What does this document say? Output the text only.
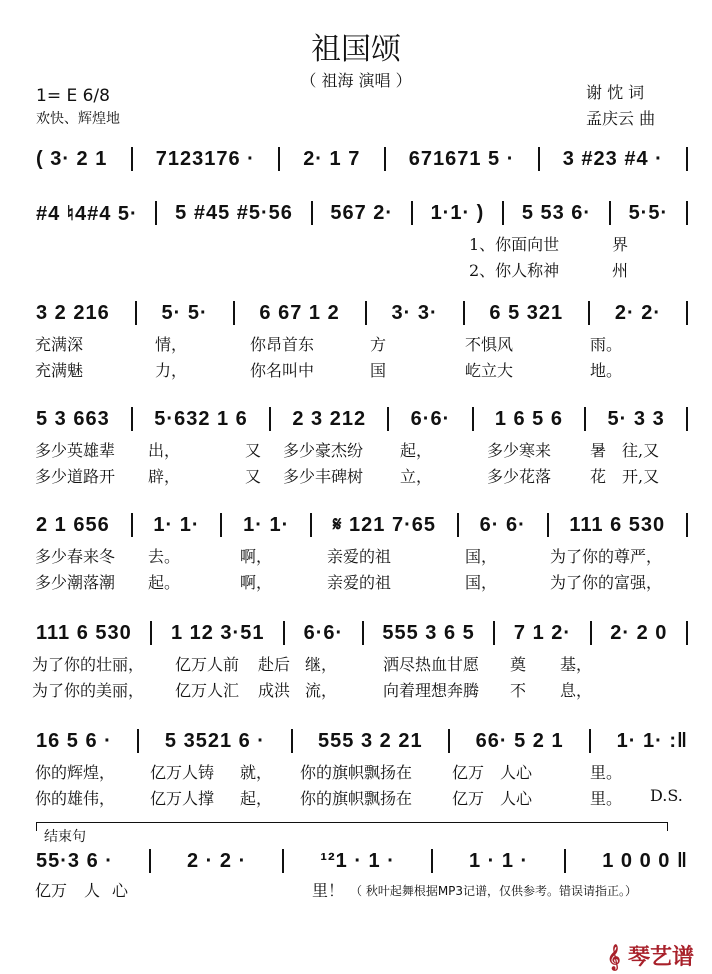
祖国颂
（ 祖海 演唱 ）
1= E 6/8
欢快、辉煌地
谢 忱 词
孟庆云 曲
( 3· 2 1 7123176 · 2· 1 7 671671 5 · 3 #23 #4 ·
#4 ♮4#4 5· 5 #45 #5·56 567 2· 1·1· ) 5 53 6· 5·5·
1、你面向世	界
2、你人称神	州
3 2 216	5· 5·	6 67 1 2	3· 3·	6 5 321	2· 2·
充满深	情，	你昂首东	方	不惧风	雨。
充满魅	力，	你名叫中	国	屹立大	地。
5 3 663 5·632 1 6 2 3 212 6·6· 1 6 5 6 5· 3 3
多少英雄辈 出，	又 多少豪杰纷 起，	多少寒来 暑 往,又
多少道路开 辟，	又 多少丰碑树 立，	多少花落 花 开,又
2 1 656 1· 1· 1· 1· 𝄋 121 7·65 6· 6· 111 6 530
多少春来冬 去。	啊，	亲爱的祖	国，	为了你的尊严，
多少潮落潮 起。	啊，	亲爱的祖	国，	为了你的富强，
111 6 530 1 12 3·51 6·6· 555 3 6 5 7 1 2· 2· 2 0
为了你的壮丽， 亿万人前 赴后 继，	洒尽热血甘愿 奠 基，
为了你的美丽， 亿万人汇 成洪 流，	向着理想奔腾 不 息，
16 5 6 ·	5 3521 6 ·	555 3 2 21	66· 5 2 1	1· 1· :‖
你的辉煌， 亿万人铸 就， 你的旗帜飘扬在 亿万 人心	里。
你的雄伟， 亿万人撑 起， 你的旗帜飘扬在 亿万 人心	里。 D.S.
55·3 6 ·	2 · 2 ·	¹²1 · 1 ·	1 · 1 ·	1 0 0 0 ‖
结束句
里！
亿万 人 心	（ 秋叶起舞根据MP3记谱，仅供参考。错误请指正。）
𝄞 琴艺谱
